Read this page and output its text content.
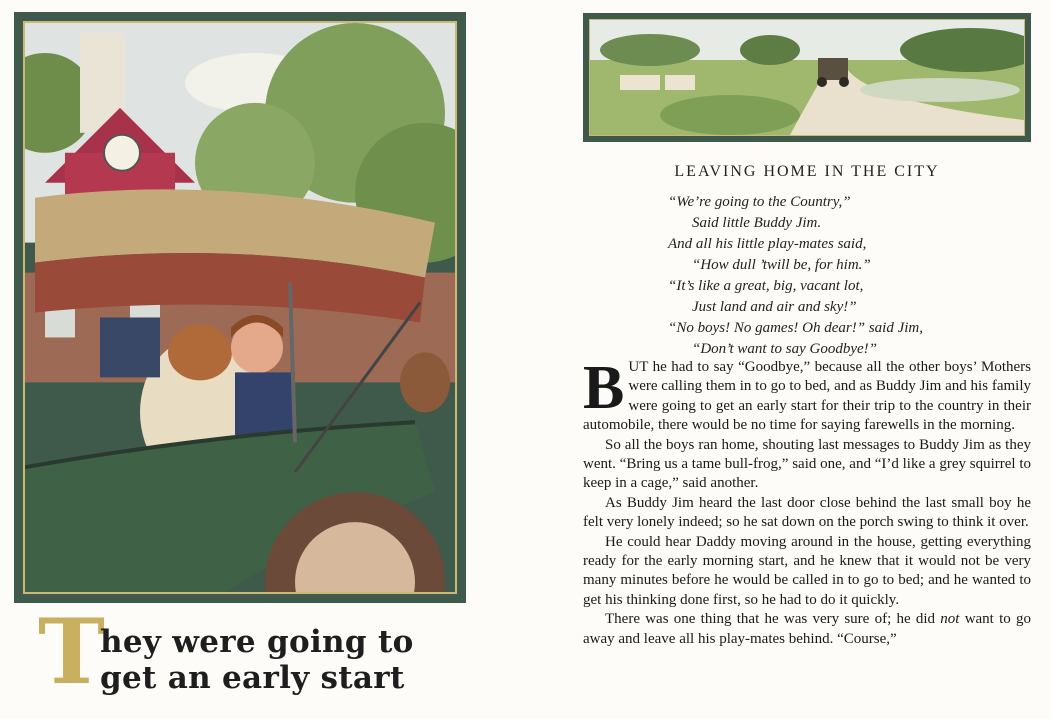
T
hey were going to
get an early start
LEAVING HOME IN THE CITY
“We’re going to the Country,”
Said little Buddy Jim.
And all his little play-mates said,
“How dull ’twill be, for him.”
“It’s like a great, big, vacant lot,
Just land and air and sky!”
“No boys! No games! Oh dear!” said Jim,
“Don’t want to say Goodbye!”

BUT he had to say “Goodbye,” because all the other boys’ Mothers were calling them in to go to bed, and as Buddy Jim and his family were going to get an early start for their trip to the country in their automobile, there would be no time for saying farewells in the morning.

So all the boys ran home, shouting last messages to Buddy Jim as they went. “Bring us a tame bull-frog,” said one, and “I’d like a grey squirrel to keep in a cage,” said another.

As Buddy Jim heard the last door close behind the last small boy he felt very lonely indeed; so he sat down on the porch swing to think it over.

He could hear Daddy moving around in the house, getting everything ready for the early morning start, and he knew that it would not be very many minutes before he would be called in to go to bed; and he wanted to get his thinking done first, so he had to do it quickly.

There was one thing that he was very sure of; he did not want to go away and leave all his play-mates behind. “Course,”
